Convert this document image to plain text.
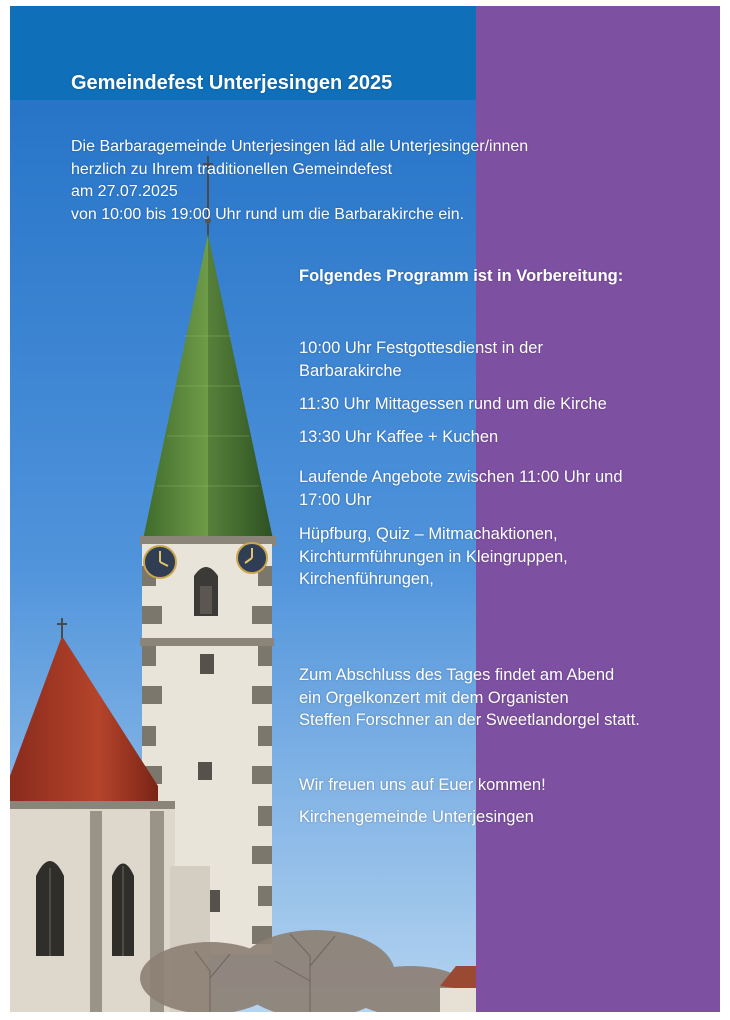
Gemeindefest Unterjesingen 2025
Die Barbaragemeinde Unterjesingen läd alle Unterjesinger/innen
herzlich zu Ihrem traditionellen Gemeindefest
am 27.07.2025
von 10:00 bis 19:00 Uhr rund um die Barbarakirche ein.
Folgendes Programm ist in Vorbereitung:
10:00 Uhr Festgottesdienst in der
Barbarakirche
11:30 Uhr Mittagessen rund um die Kirche
13:30 Uhr Kaffee + Kuchen
Laufende Angebote zwischen 11:00 Uhr und
17:00 Uhr
Hüpfburg, Quiz – Mitmachaktionen,
Kirchturmführungen in Kleingruppen,
Kirchenführungen,
Zum Abschluss des Tages findet am Abend
ein Orgelkonzert mit dem Organisten
Steffen Forschner an der Sweetlandorgel statt.
Wir freuen uns auf Euer kommen!
Kirchengemeinde Unterjesingen
